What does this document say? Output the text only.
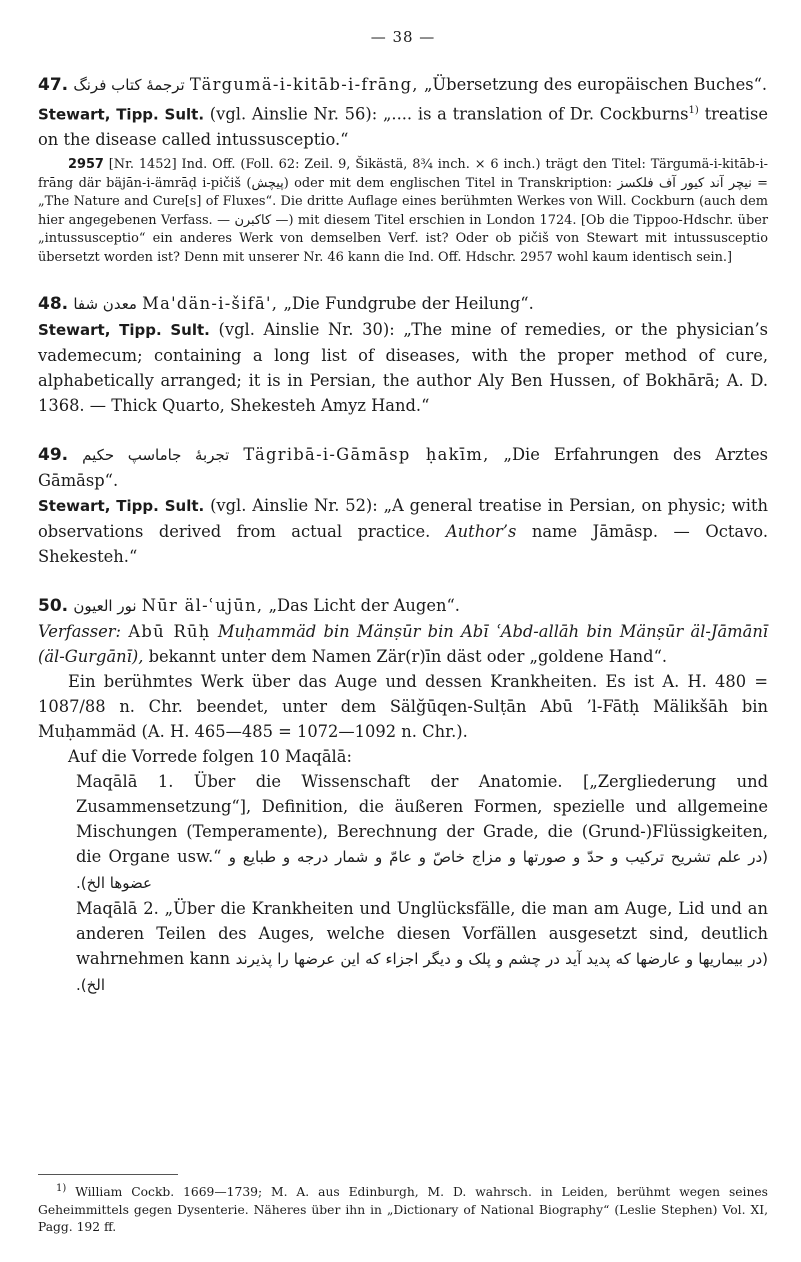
— 38 —

47. ترجمهٔ کتاب فرنگ Tärgumä-i-kitāb-i-frāng, „Übersetzung des europäischen Buches“.

Stewart, Tipp. Sult. (vgl. Ainslie Nr. 56): „.... is a translation of Dr. Cockburns$^{1)}$ treatise on the disease called intussusceptio.“

2957 [Nr. 1452] Ind. Off. (Foll. 62: Zeil. 9, Šikästä, 8¾ inch. × 6 inch.) trägt den Titel: Tärgumä-i-kitāb-i-frāng där bäjān-i-ämrāḍ i-pičiš (پیچش) oder mit dem englischen Titel in Transkription: نیچر آند کیور آف فلکسز = „The Nature and Cure[s] of Fluxes“. Die dritte Auflage eines berühmten Werkes von Will. Cockburn (auch dem hier angegebenen Verfass. — کاکبرن —) mit diesem Titel erschien in London 1724. [Ob die Tippoo-Hdschr. über „intussusceptio“ ein anderes Werk von demselben Verf. ist? Oder ob pičiš von Stewart mit intussusceptio übersetzt worden ist? Denn mit unserer Nr. 46 kann die Ind. Off. Hdschr. 2957 wohl kaum identisch sein.]

48. معدن شفا Ma'dän-i-šifā', „Die Fundgrube der Heilung“.

Stewart, Tipp. Sult. (vgl. Ainslie Nr. 30): „The mine of remedies, or the physician’s vademecum; containing a long list of diseases, with the proper method of cure, alphabetically arranged; it is in Persian, the author Aly Ben Hussen, of Bokhārā; A. D. 1368. — Thick Quarto, Shekesteh Amyz Hand.“

49. تجربهٔ جاماسپ حکیم Tägribā-i-Gāmāsp ḥakīm, „Die Erfahrungen des Arztes Gāmāsp“.

Stewart, Tipp. Sult. (vgl. Ainslie Nr. 52): „A general treatise in Persian, on physic; with observations derived from actual practice. Author’s name Jāmāsp. — Octavo. Shekesteh.“

50. نور العیون Nūr äl-ʿujūn, „Das Licht der Augen“.

Verfasser: Abū Rūḥ Muḥammäd bin Mänṣūr bin Abī ʿAbd-allāh bin Mänṣūr äl-Jāmānī (äl-Gurgānī), bekannt unter dem Namen Zär(r)īn däst oder „goldene Hand“.

Ein berühmtes Werk über das Auge und dessen Krankheiten. Es ist A. H. 480 = 1087/88 n. Chr. beendet, unter dem Sälğūqen-Sulṭān Abū ’l-Fātḥ Mälikšāh bin Muḥammäd (A. H. 465—485 = 1072—1092 n. Chr.).

Auf die Vorrede folgen 10 Maqālā:

Maqālā 1. Über die Wissenschaft der Anatomie. [„Zergliederung und Zusammensetzung“], Definition, die äußeren Formen, spezielle und allgemeine Mischungen (Temperamente), Berechnung der Grade, die (Grund-)Flüssigkeiten, die Organe usw.“ (در علم تشریح ترکیب و حدّ و صورتها و مزاج خاصّ و عامّ و شمار درجه و طبایع و عضوها الخ).

Maqālā 2. „Über die Krankheiten und Unglücksfälle, die man am Auge, Lid und an anderen Teilen des Auges, welche diesen Vorfällen ausgesetzt sind, deutlich wahrnehmen kann (در بیماریها و عارضها که پدید آید در چشم و پلک و دیگر اجزاء که این عرضها را پذیرند الخ).

$^{1)}$ William Cockb. 1669—1739; M. A. aus Edinburgh, M. D. wahrsch. in Leiden, berühmt wegen seines Geheimmittels gegen Dysenterie. Näheres über ihn in „Dictionary of National Biography“ (Leslie Stephen) Vol. XI, Pagg. 192 ff.
